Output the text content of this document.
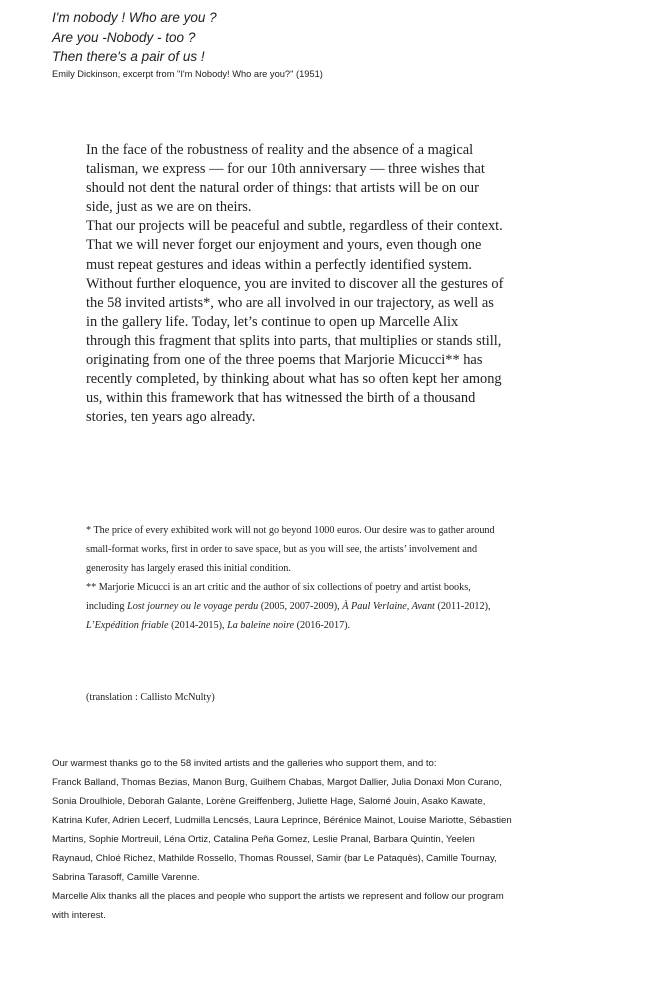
I'm nobody ! Who are you ?

Are you -Nobody - too ?

Then there's a pair of us !

Emily Dickinson, excerpt from "I'm Nobody! Who are you?" (1951)

In the face of the robustness of reality and the absence of a magical talisman, we express — for our 10th anniversary — three wishes that should not dent the natural order of things: that artists will be on our side, just as we are on theirs.

That our projects will be peaceful and subtle, regardless of their context.

That we will never forget our enjoyment and yours, even though one must repeat gestures and ideas within a perfectly identified system.

Without further eloquence, you are invited to discover all the gestures of the 58 invited artists*, who are all involved in our trajectory, as well as in the gallery life. Today, let’s continue to open up Marcelle Alix through this fragment that splits into parts, that multiplies or stands still, originating from one of the three poems that Marjorie Micucci** has recently completed, by thinking about what has so often kept her among us, within this framework that has witnessed the birth of a thousand stories, ten years ago already.

* The price of every exhibited work will not go beyond 1000 euros. Our desire was to gather around small-format works, first in order to save space, but as you will see, the artists’ involvement and generosity has largely erased this initial condition.

** Marjorie Micucci is an art critic and the author of six collections of poetry and artist books, including Lost journey ou le voyage perdu (2005, 2007-2009), À Paul Verlaine, Avant (2011-2012), L’Expédition friable (2014-2015), La baleine noire (2016-2017).

(translation : Callisto McNulty)

Our warmest thanks go to the 58 invited artists and the galleries who support them, and to:

Franck Balland, Thomas Bezias, Manon Burg, Guilhem Chabas, Margot Dallier, Julia Donaxi Mon Curano, Sonia Droulhiole, Deborah Galante, Lorène Greiffenberg, Juliette Hage, Salomé Jouin, Asako Kawate, Katrina Kufer, Adrien Lecerf, Ludmilla Lencsés, Laura Leprince, Bérénice Mainot, Louise Mariotte, Sébastien Martins, Sophie Mortreuil, Léna Ortiz, Catalina Peña Gomez, Leslie Pranal, Barbara Quintin, Yeelen Raynaud, Chloé Richez, Mathilde Rossello, Thomas Roussel, Samir (bar Le Pataquès), Camille Tournay, Sabrina Tarasoff, Camille Varenne.

Marcelle Alix thanks all the places and people who support the artists we represent and follow our program with interest.
